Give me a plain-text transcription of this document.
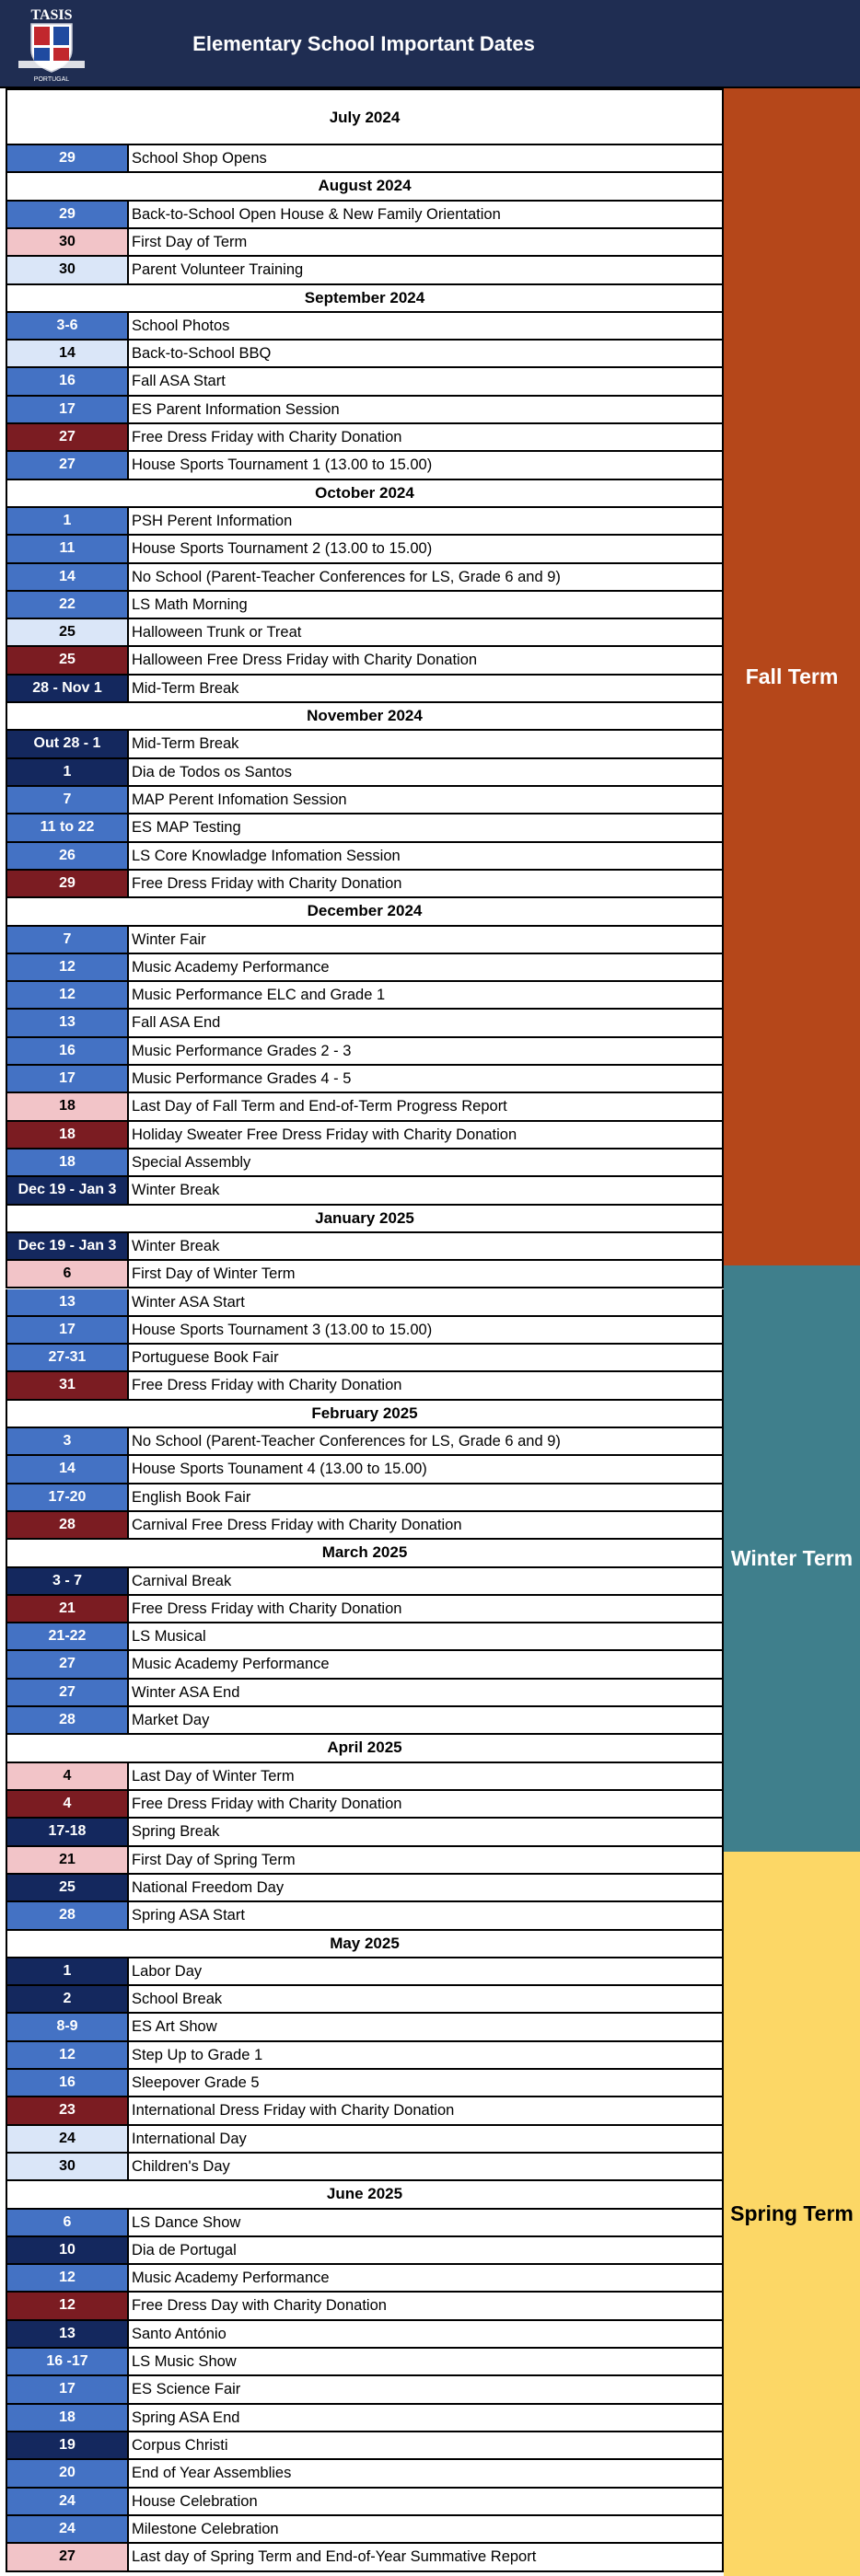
TASIS
PORTUGAL
Elementary School Important Dates
July 2024
29	School Shop Opens
August 2024
29	Back-to-School Open House & New Family Orientation
30	First Day of Term
30	Parent Volunteer Training
September 2024
3-6	School Photos
14	Back-to-School BBQ
16	Fall ASA Start
17	ES Parent Information Session
27	Free Dress Friday with Charity Donation
27	House Sports Tournament 1 (13.00 to 15.00)
October 2024
1	PSH Perent Information
11	House Sports Tournament 2 (13.00 to 15.00)
14	No School (Parent-Teacher Conferences for LS, Grade 6 and 9)
22	LS Math Morning
25	Halloween Trunk or Treat
25	Halloween Free Dress Friday with Charity Donation
28 - Nov 1	Mid-Term Break
November 2024
Out 28 - 1	Mid-Term Break
1	Dia de Todos os Santos
7	MAP Perent Infomation Session
11 to 22	ES MAP Testing
26	LS Core Knowladge Infomation Session
29	Free Dress Friday with Charity Donation
December 2024
7	Winter Fair
12	Music Academy Performance
12	Music Performance ELC and Grade 1
13	Fall ASA End
16	Music Performance Grades 2 - 3
17	Music Performance Grades 4 - 5
18	Last Day of Fall Term and End-of-Term Progress Report
18	Holiday Sweater Free Dress Friday with Charity Donation
18	Special Assembly
Dec 19 - Jan 3	Winter Break
January 2025
Dec 19 - Jan 3	Winter Break
6	First Day of Winter Term
13	Winter ASA Start
17	House Sports Tournament 3 (13.00 to 15.00)
27-31	Portuguese Book Fair
31	Free Dress Friday with Charity Donation
February 2025
3	No School (Parent-Teacher Conferences for LS, Grade 6 and 9)
14	House Sports Tounament 4 (13.00 to 15.00)
17-20	English Book Fair
28	Carnival Free Dress Friday with Charity Donation
March 2025
3 - 7	Carnival Break
21	Free Dress Friday with Charity Donation
21-22	LS Musical
27	Music Academy Performance
27	Winter ASA End
28	Market Day
April 2025
4	Last Day of Winter Term
4	Free Dress Friday with Charity Donation
17-18	Spring Break
21	First Day of Spring Term
25	National Freedom Day
28	Spring ASA Start
May 2025
1	Labor Day
2	School Break
8-9	ES Art Show
12	Step Up to Grade 1
16	Sleepover Grade 5
23	International Dress Friday with Charity Donation
24	International Day
30	Children's Day
June 2025
6	LS Dance Show
10	Dia de Portugal
12	Music Academy Performance
12	Free Dress Day with Charity Donation
13	Santo António
16 -17	LS Music Show
17	ES Science Fair
18	Spring ASA End
19	Corpus Christi
20	End of Year Assemblies
24	House Celebration
24	Milestone Celebration
27	Last day of Spring Term and End-of-Year Summative Report
Fall Term
Winter Term
Spring Term
